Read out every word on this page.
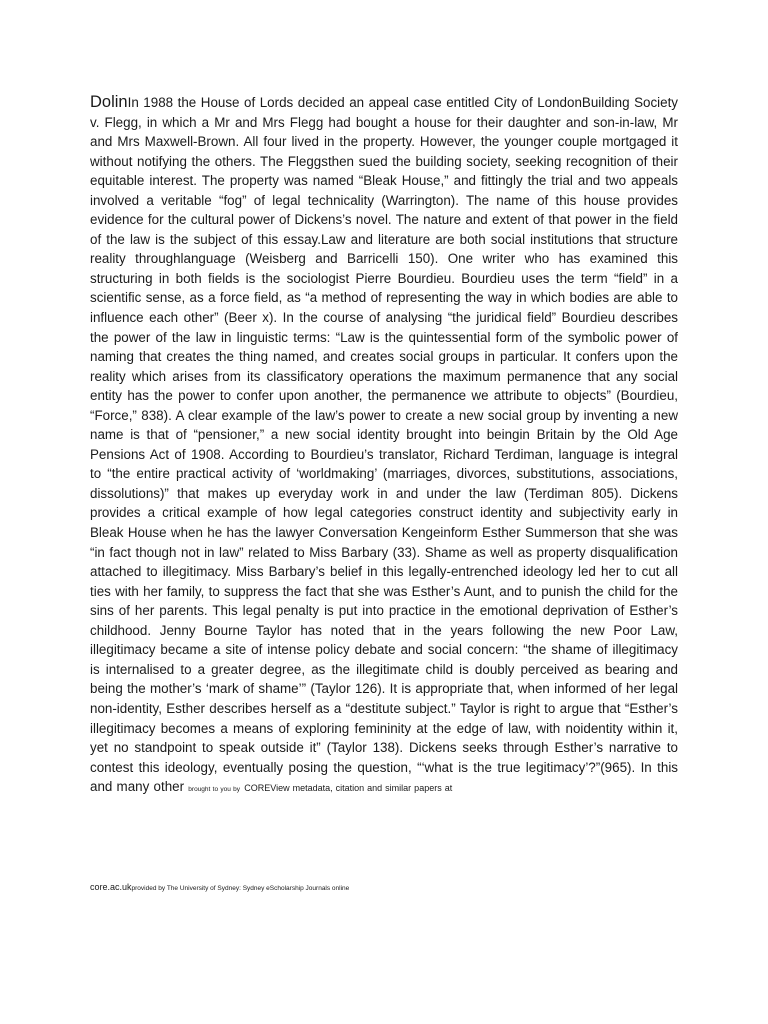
DolinIn 1988 the House of Lords decided an appeal case entitled City of LondonBuilding Society v. Flegg, in which a Mr and Mrs Flegg had bought a house for their daughter and son-in-law, Mr and Mrs Maxwell-Brown. All four lived in the property. However, the younger couple mortgaged it without notifying the others. The Fleggsthen sued the building society, seeking recognition of their equitable interest. The property was named “Bleak House,” and fittingly the trial and two appeals involved a veritable “fog” of legal technicality (Warrington). The name of this house provides evidence for the cultural power of Dickens’s novel. The nature and extent of that power in the field of the law is the subject of this essay.Law and literature are both social institutions that structure reality throughlanguage (Weisberg and Barricelli 150). One writer who has examined this structuring in both fields is the sociologist Pierre Bourdieu. Bourdieu uses the term “field” in a scientific sense, as a force field, as “a method of representing the way in which bodies are able to influence each other” (Beer x). In the course of analysing “the juridical field” Bourdieu describes the power of the law in linguistic terms: “Law is the quintessential form of the symbolic power of naming that creates the thing named, and creates social groups in particular. It confers upon the reality which arises from its classificatory operations the maximum permanence that any social entity has the power to confer upon another, the permanence we attribute to objects” (Bourdieu, “Force,” 838). A clear example of the law’s power to create a new social group by inventing a new name is that of “pensioner,” a new social identity brought into beingin Britain by the Old Age Pensions Act of 1908. According to Bourdieu’s translator, Richard Terdiman, language is integral to “the entire practical activity of ‘worldmaking’ (marriages, divorces, substitutions, associations, dissolutions)” that makes up everyday work in and under the law (Terdiman 805). Dickens provides a critical example of how legal categories construct identity and subjectivity early in Bleak House when he has the lawyer Conversation Kengeinform Esther Summerson that she was “in fact though not in law” related to Miss Barbary (33). Shame as well as property disqualification attached to illegitimacy. Miss Barbary’s belief in this legally-entrenched ideology led her to cut all ties with her family, to suppress the fact that she was Esther’s Aunt, and to punish the child for the sins of her parents. This legal penalty is put into practice in the emotional deprivation of Esther’s childhood. Jenny Bourne Taylor has noted that in the years following the new Poor Law, illegitimacy became a site of intense policy debate and social concern: “the shame of illegitimacy is internalised to a greater degree, as the illegitimate child is doubly perceived as bearing and being the mother’s ‘mark of shame’” (Taylor 126). It is appropriate that, when informed of her legal non-identity, Esther describes herself as a “destitute subject.” Taylor is right to argue that “Esther’s illegitimacy becomes a means of exploring femininity at the edge of law, with noidentity within it, yet no standpoint to speak outside it” (Taylor 138). Dickens seeks through Esther’s narrative to contest this ideology, eventually posing the question, “‘what is the true legitimacy’?”(965). In this and many other brought to you by COREView metadata, citation and similar papers at
core.ac.ukprovided by The University of Sydney: Sydney eScholarship Journals online
